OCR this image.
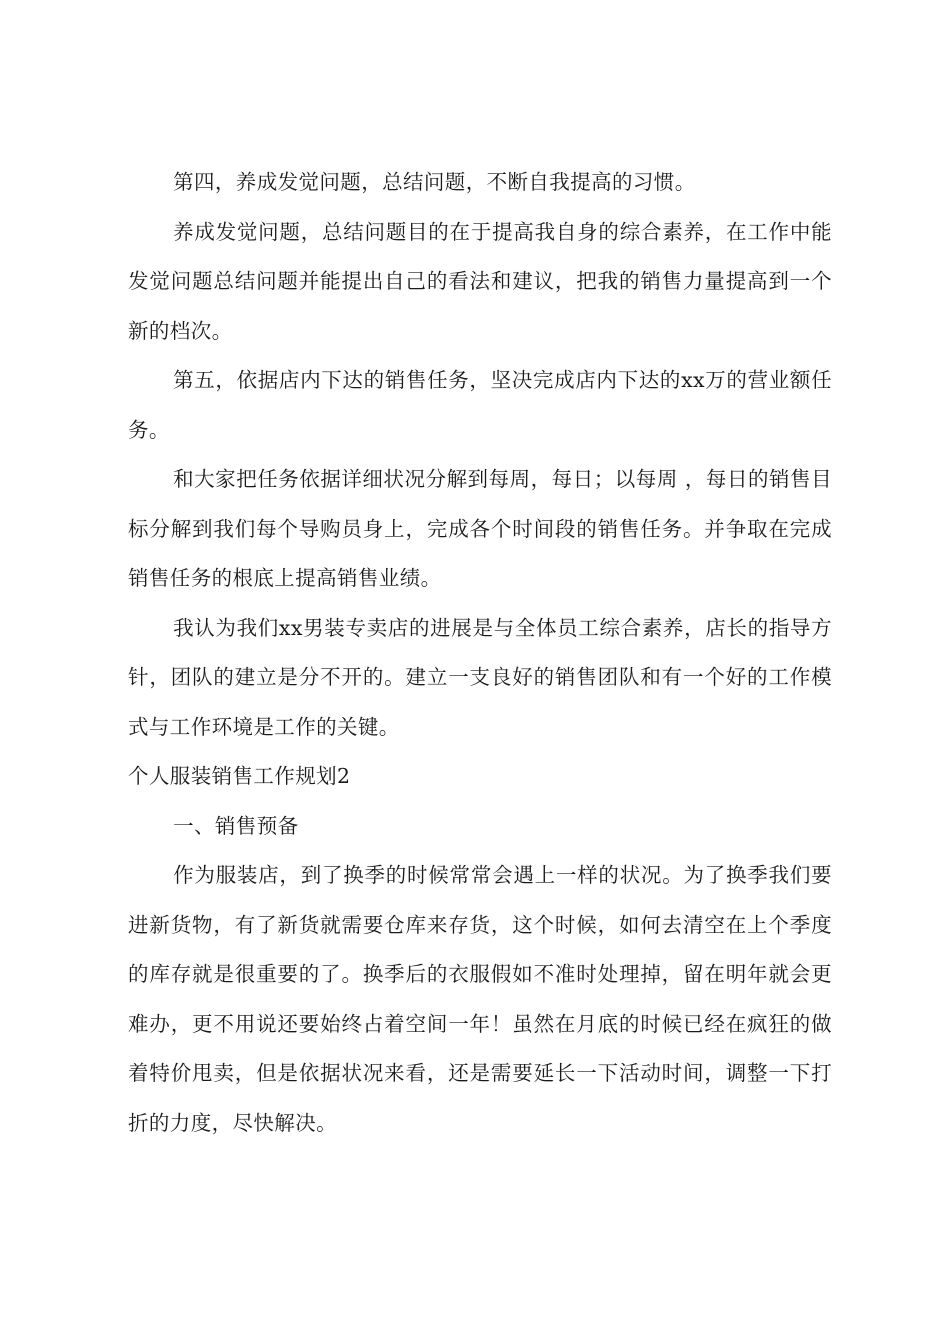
第四，养成发觉问题，总结问题，不断自我提高的习惯。

养成发觉问题，总结问题目的在于提高我自身的综合素养，在工作中能发觉问题总结问题并能提出自己的看法和建议，把我的销售力量提高到一个新的档次。

第五，依据店内下达的销售任务，坚决完成店内下达的xx万的营业额任务。

和大家把任务依据详细状况分解到每周，每日；以每周 ，每日的销售目标分解到我们每个导购员身上，完成各个时间段的销售任务。并争取在完成销售任务的根底上提高销售业绩。

我认为我们xx男装专卖店的进展是与全体员工综合素养，店长的指导方针，团队的建立是分不开的。建立一支良好的销售团队和有一个好的工作模式与工作环境是工作的关键。

个人服装销售工作规划2

一、销售预备

作为服装店，到了换季的时候常常会遇上一样的状况。为了换季我们要进新货物，有了新货就需要仓库来存货，这个时候，如何去清空在上个季度的库存就是很重要的了。换季后的衣服假如不准时处理掉，留在明年就会更难办，更不用说还要始终占着空间一年！虽然在月底的时候已经在疯狂的做着特价甩卖，但是依据状况来看，还是需要延长一下活动时间，调整一下打折的力度，尽快解决。
